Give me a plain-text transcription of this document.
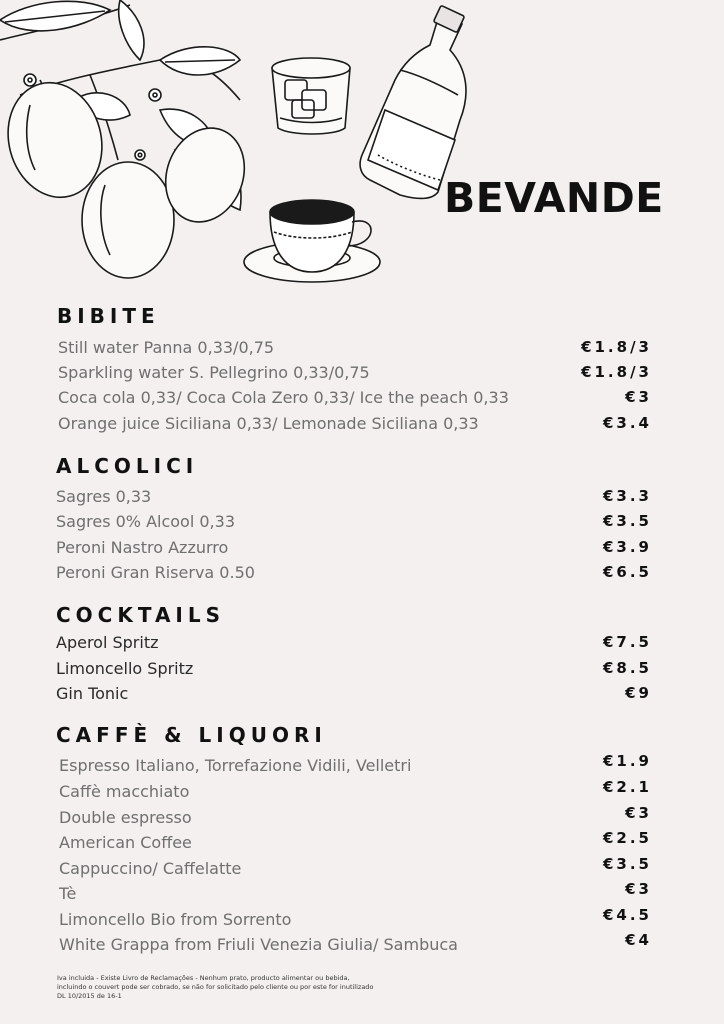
BEVANDE
BIBITE
Still water Panna 0,33/0,75	€1.8/3
Sparkling water S. Pellegrino 0,33/0,75	€1.8/3
Coca cola 0,33/ Coca Cola Zero 0,33/ Ice the peach 0,33	€3
Orange juice Siciliana 0,33/ Lemonade Siciliana 0,33	€3.4
ALCOLICI
Sagres 0,33	€3.3
Sagres 0% Alcool 0,33	€3.5
Peroni Nastro Azzurro	€3.9
Peroni Gran Riserva 0.50	€6.5
COCKTAILS
Aperol Spritz	€7.5
Limoncello Spritz	€8.5
Gin Tonic	€9
CAFFÈ & LIQUORI
Espresso Italiano, Torrefazione Vidili, Velletri	€1.9
Caffè macchiato	€2.1
Double espresso	€3
American Coffee	€2.5
Cappuccino/ Caffelatte	€3.5
Tè	€3
Limoncello Bio from Sorrento	€4.5
White Grappa from Friuli Venezia Giulia/ Sambuca	€4
Iva incluida - Existe Livro de Reclamações - Nenhum prato, producto alimentar ou bebida,
incluindo o couvert pode ser cobrado, se não for solicitado pelo cliente ou por este for inutilizado
DL 10/2015 de 16-1
